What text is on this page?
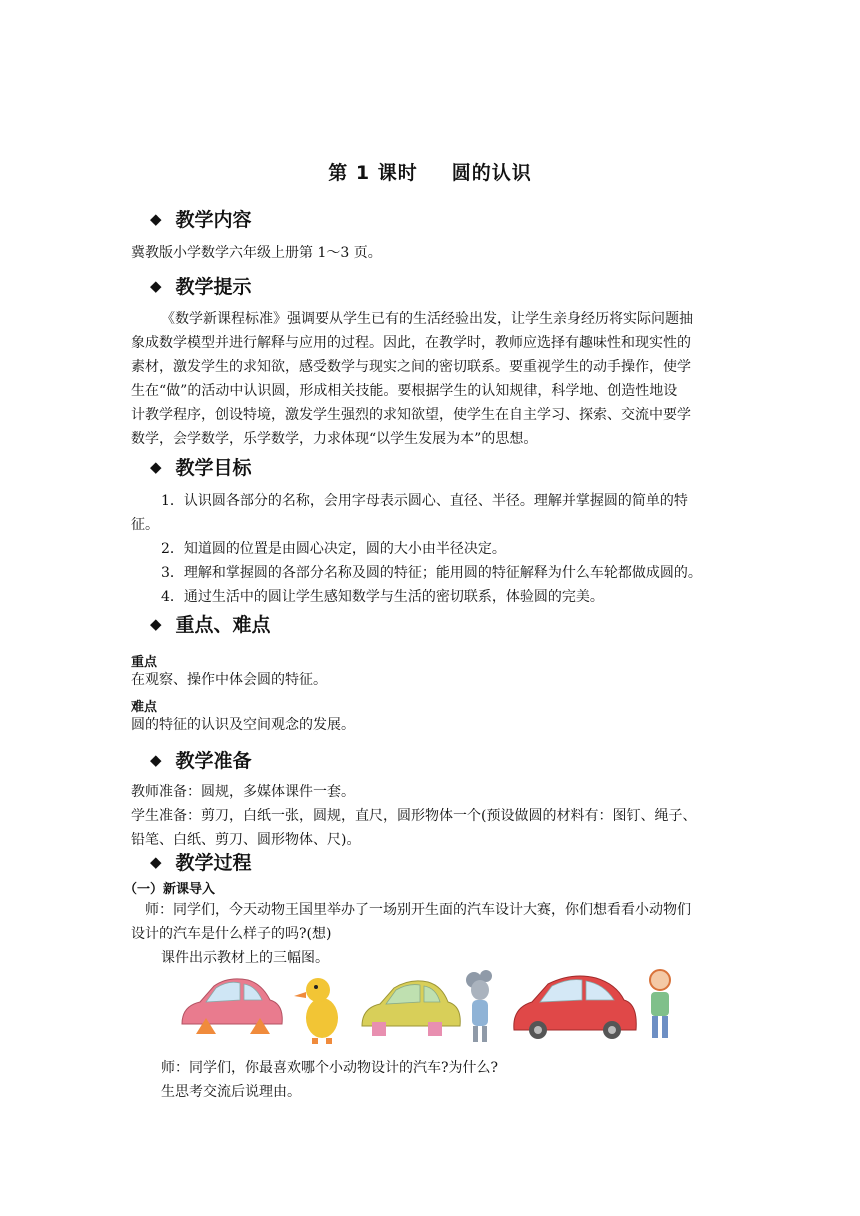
第 1 课时 圆的认识
◆ 教学内容
冀教版小学数学六年级上册第 1～3 页。
◆ 教学提示
《数学新课程标准》强调要从学生已有的生活经验出发，让学生亲身经历将实际问题抽
象成数学模型并进行解释与应用的过程。因此，在教学时，教师应选择有趣味性和现实性的
素材，激发学生的求知欲，感受数学与现实之间的密切联系。要重视学生的动手操作，使学
生在“做”的活动中认识圆，形成相关技能。要根据学生的认知规律，科学地、创造性地设
计教学程序，创设特境，激发学生强烈的求知欲望，使学生在自主学习、探索、交流中要学
数学，会学数学，乐学数学，力求体现“以学生发展为本”的思想。
◆ 教学目标
1．认识圆各部分的名称，会用字母表示圆心、直径、半径。理解并掌握圆的简单的特
征。
2．知道圆的位置是由圆心决定，圆的大小由半径决定。
3．理解和掌握圆的各部分名称及圆的特征；能用圆的特征解释为什么车轮都做成圆的。
4．通过生活中的圆让学生感知数学与生活的密切联系，体验圆的完美。
◆ 重点、难点
重点
在观察、操作中体会圆的特征。
难点
圆的特征的认识及空间观念的发展。
◆ 教学准备
教师准备：圆规，多媒体课件一套。
学生准备：剪刀，白纸一张，圆规，直尺，圆形物体一个(预设做圆的材料有：图钉、绳子、
铅笔、白纸、剪刀、圆形物体、尺)。
◆ 教学过程
（一）新课导入
师：同学们，今天动物王国里举办了一场别开生面的汽车设计大赛，你们想看看小动物们
设计的汽车是什么样子的吗?(想)
课件出示教材上的三幅图。
师：同学们，你最喜欢哪个小动物设计的汽车?为什么?
生思考交流后说理由。
